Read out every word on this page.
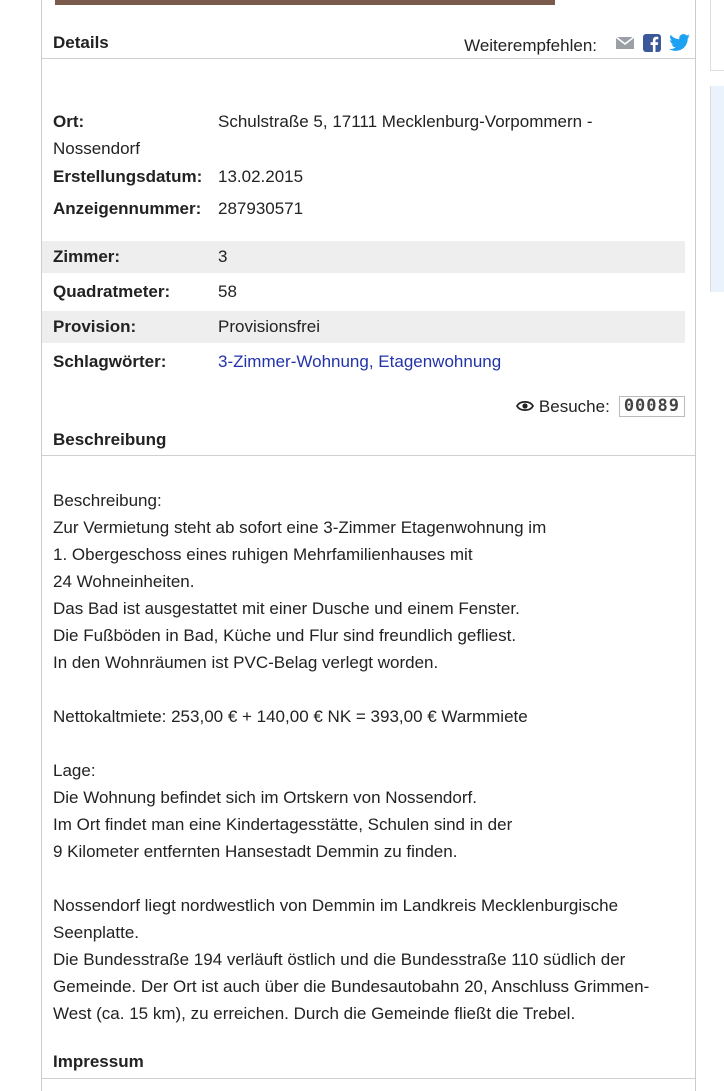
Details	Weiterempfehlen:
Ort:	Schulstraße 5, 17111 Mecklenburg-Vorpommern -

Nossendorf
Erstellungsdatum: 13.02.2015
Anzeigennummer: 287930571
Zimmer:	3
Quadratmeter:	58
Provision:	Provisionsfrei
Schlagwörter:	3-Zimmer-Wohnung, Etagenwohnung
Besuche: 00089
Beschreibung

Beschreibung:

Zur Vermietung steht ab sofort eine 3-Zimmer Etagenwohnung im

1. Obergeschoss eines ruhigen Mehrfamilienhauses mit

24 Wohneinheiten.

Das Bad ist ausgestattet mit einer Dusche und einem Fenster.

Die Fußböden in Bad, Küche und Flur sind freundlich gefliest.

In den Wohnräumen ist PVC-Belag verlegt worden.

Nettokaltmiete: 253,00 € + 140,00 € NK = 393,00 € Warmmiete

Lage:

Die Wohnung befindet sich im Ortskern von Nossendorf.

Im Ort findet man eine Kindertagesstätte, Schulen sind in der

9 Kilometer entfernten Hansestadt Demmin zu finden.

Nossendorf liegt nordwestlich von Demmin im Landkreis Mecklenburgische

Seenplatte.

Die Bundesstraße 194 verläuft östlich und die Bundesstraße 110 südlich der

Gemeinde. Der Ort ist auch über die Bundesautobahn 20, Anschluss Grimmen-

West (ca. 15 km), zu erreichen. Durch die Gemeinde fließt die Trebel.

Impressum
